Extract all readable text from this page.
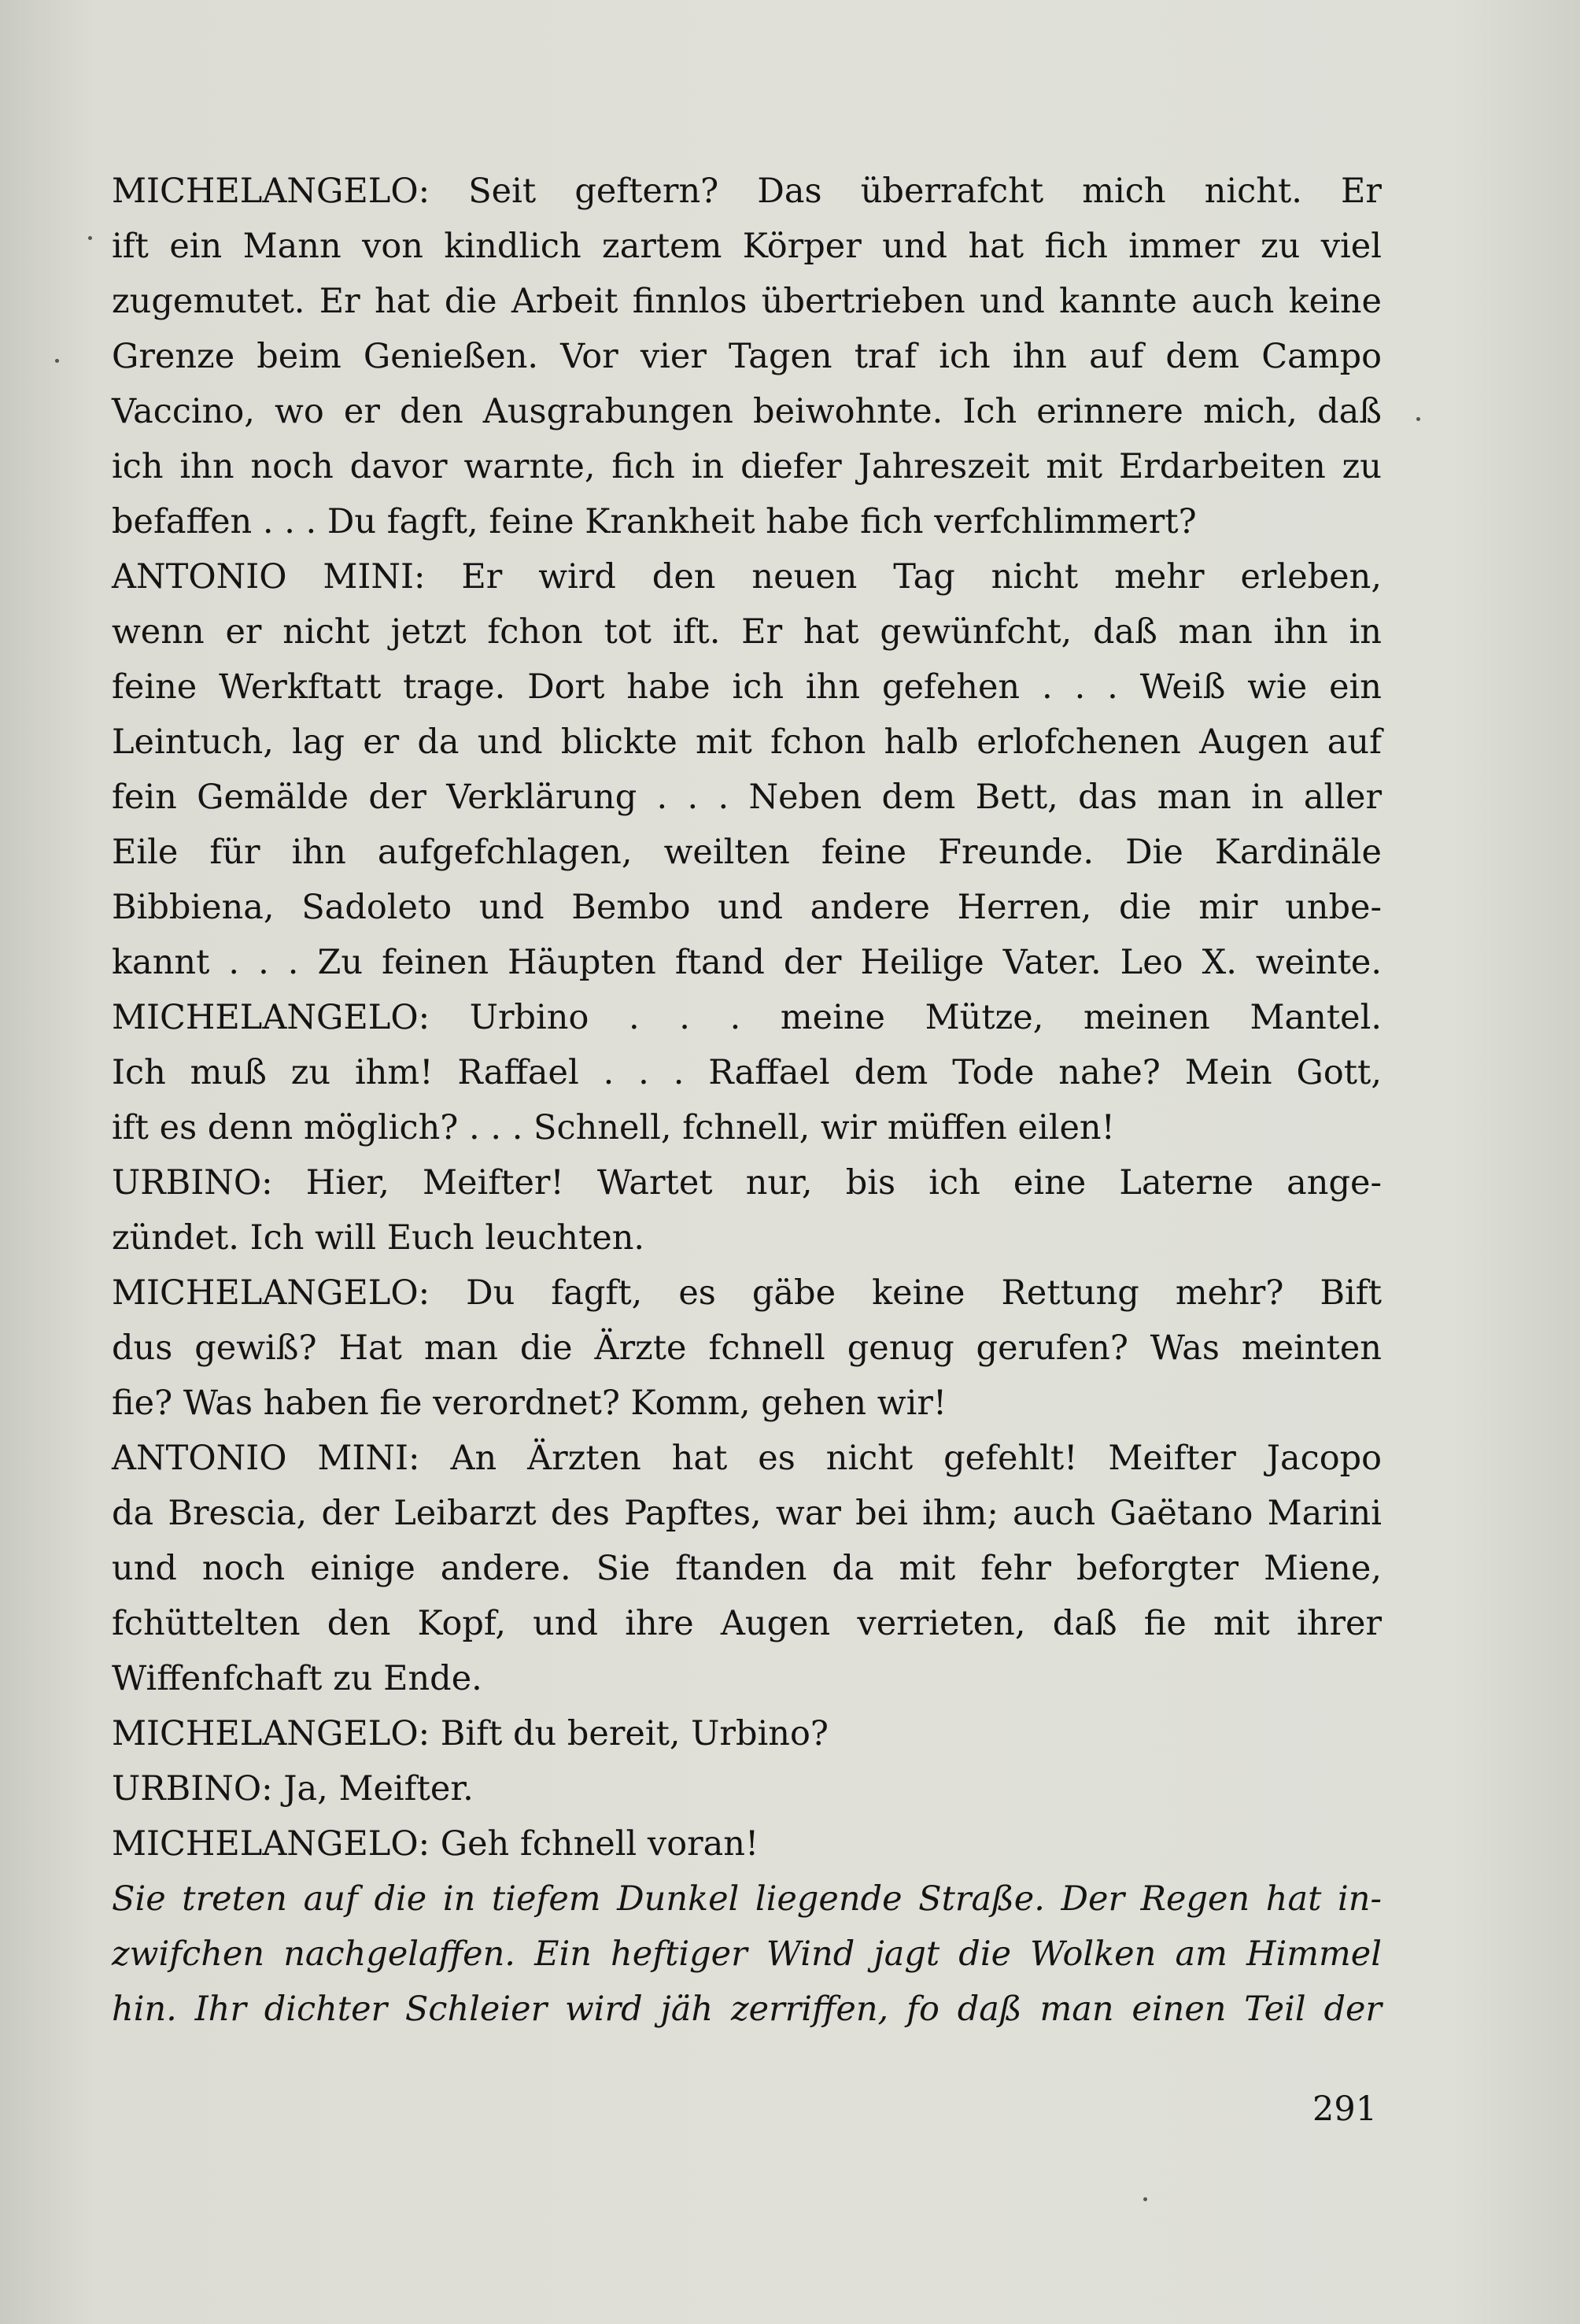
MICHELANGELO: Seit geftern? Das überrafcht mich nicht. Er
ift ein Mann von kindlich zartem Körper und hat fich immer zu viel
zugemutet. Er hat die Arbeit finnlos übertrieben und kannte auch keine
Grenze beim Genießen. Vor vier Tagen traf ich ihn auf dem Campo
Vaccino, wo er den Ausgrabungen beiwohnte. Ich erinnere mich, daß
ich ihn noch davor warnte, fich in diefer Jahreszeit mit Erdarbeiten zu
befaffen . . . Du fagft, feine Krankheit habe fich verfchlimmert?
ANTONIO MINI: Er wird den neuen Tag nicht mehr erleben,
wenn er nicht jetzt fchon tot ift. Er hat gewünfcht, daß man ihn in
feine Werkftatt trage. Dort habe ich ihn gefehen . . . Weiß wie ein
Leintuch, lag er da und blickte mit fchon halb erlofchenen Augen auf
fein Gemälde der Verklärung . . . Neben dem Bett, das man in aller
Eile für ihn aufgefchlagen, weilten feine Freunde. Die Kardinäle
Bibbiena, Sadoleto und Bembo und andere Herren, die mir unbe-
kannt . . . Zu feinen Häupten ftand der Heilige Vater. Leo X. weinte.
MICHELANGELO: Urbino . . . meine Mütze, meinen Mantel.
Ich muß zu ihm! Raffael . . . Raffael dem Tode nahe? Mein Gott,
ift es denn möglich? . . . Schnell, fchnell, wir müffen eilen!
URBINO: Hier, Meifter! Wartet nur, bis ich eine Laterne ange-
zündet. Ich will Euch leuchten.
MICHELANGELO: Du fagft, es gäbe keine Rettung mehr? Bift
dus gewiß? Hat man die Ärzte fchnell genug gerufen? Was meinten
fie? Was haben fie verordnet? Komm, gehen wir!
ANTONIO MINI: An Ärzten hat es nicht gefehlt! Meifter Jacopo
da Brescia, der Leibarzt des Papftes, war bei ihm; auch Gaëtano Marini
und noch einige andere. Sie ftanden da mit fehr beforgter Miene,
fchüttelten den Kopf, und ihre Augen verrieten, daß fie mit ihrer
Wiffenfchaft zu Ende.
MICHELANGELO: Bift du bereit, Urbino?
URBINO: Ja, Meifter.
MICHELANGELO: Geh fchnell voran!
Sie treten auf die in tiefem Dunkel liegende Straße. Der Regen hat in-
zwifchen nachgelaffen. Ein heftiger Wind jagt die Wolken am Himmel
hin. Ihr dichter Schleier wird jäh zerriffen, fo daß man einen Teil der
291
